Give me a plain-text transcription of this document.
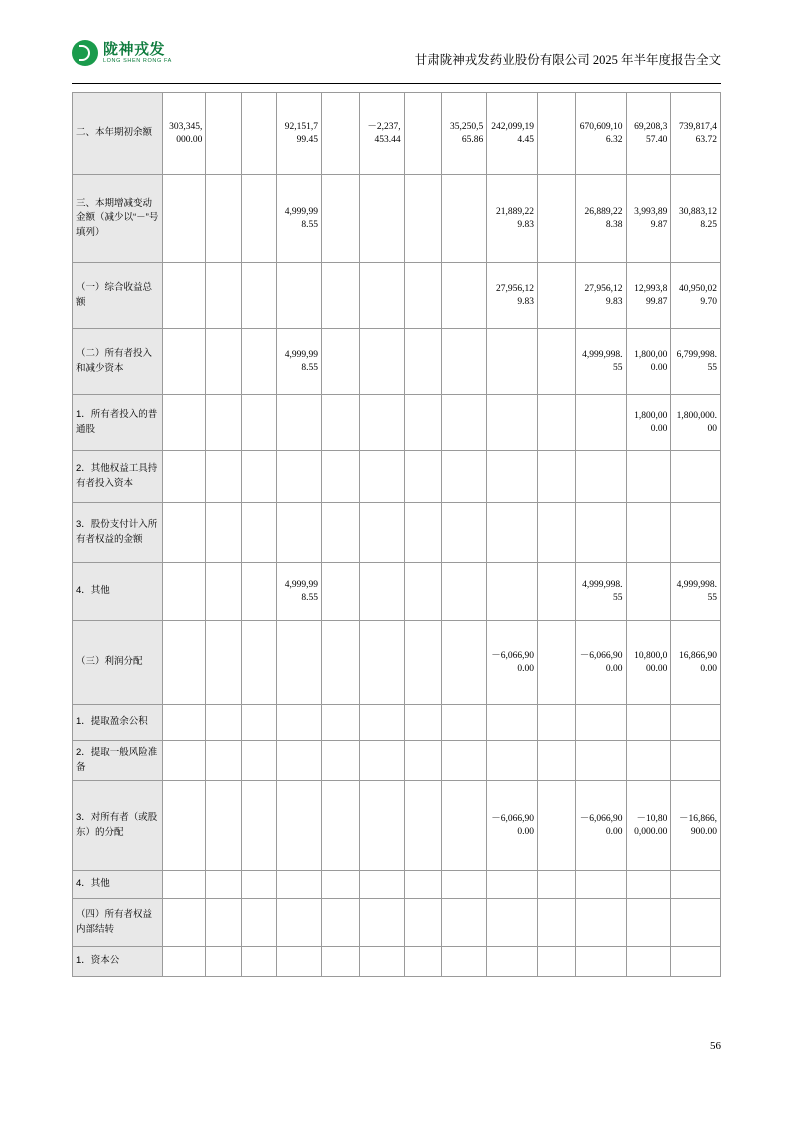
陇神戎发
LONG SHEN RONG FA	甘肃陇神戎发药业股份有限公司 2025 年半年度报告全文
二、本年期初余额	303,345,000.00			92,151,799.45		－2,237,453.44		35,250,565.86	242,099,194.45		670,609,106.32	69,208,357.40	739,817,463.72
三、本期增减变动金额（减少以“－”号填列）				4,999,998.55					21,889,229.83		26,889,228.38	3,993,899.87	30,883,128.25
（一）综合收益总额									27,956,129.83		27,956,129.83	12,993,899.87	40,950,029.70
（二）所有者投入和减少资本				4,999,998.55							4,999,998.55	1,800,000.00	6,799,998.55
1．所有者投入的普通股												1,800,000.00	1,800,000.00
2．其他权益工具持有者投入资本													
3．股份支付计入所有者权益的金额													
4．其他				4,999,998.55							4,999,998.55		4,999,998.55
（三）利润分配									－6,066,900.00		－6,066,900.00	10,800,000.00	16,866,900.00
1．提取盈余公积													
2．提取一般风险准备													
3．对所有者（或股东）的分配									－6,066,900.00		－6,066,900.00	－10,800,000.00	－16,866,900.00
4．其他													
（四）所有者权益内部结转													
1．资本公													
56
